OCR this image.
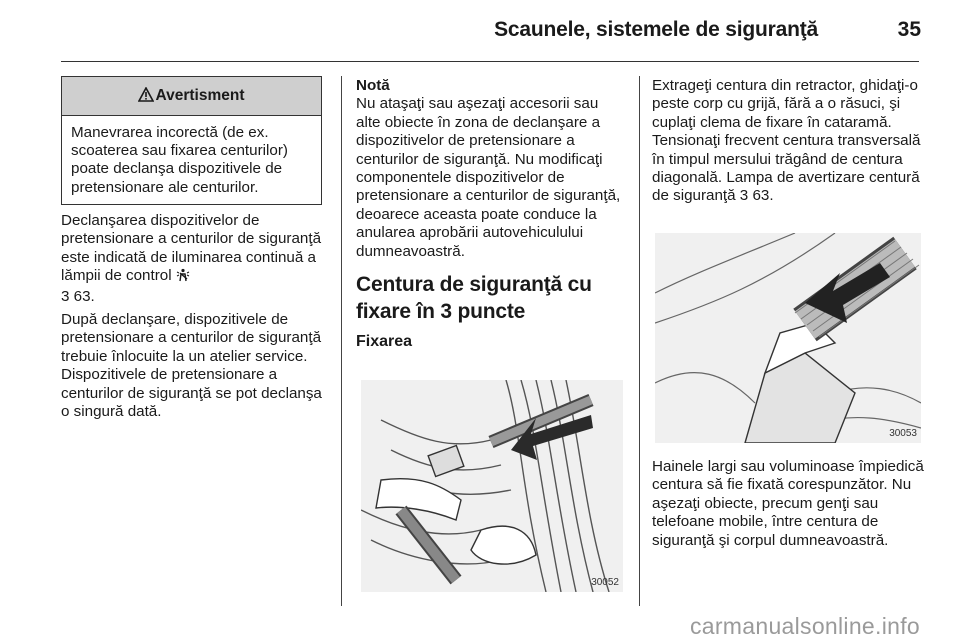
Scaunele, sistemele de siguranţă	35
Avertisment
Manevrarea incorectă (de ex. scoaterea sau fixarea centurilor) poate declanşa dispozitivele de pretensionare ale centurilor.

Declanşarea dispozitivelor de pretensionare a centurilor de siguranţă este indicată de iluminarea continuă a lămpii de control
3 63.

După declanşare, dispozitivele de pretensionare a centurilor de siguranţă trebuie înlocuite la un atelier service. Dispozitivele de pretensionare a centurilor de siguranţă se pot declanşa o singură dată.

Notă

Nu ataşaţi sau aşezaţi accesorii sau alte obiecte în zona de declanşare a dispozitivelor de pretensionare a centurilor de siguranţă. Nu modificaţi componentele dispozitivelor de pretensionare a centurilor de siguranţă, deoarece aceasta poate conduce la anularea aprobării autovehiculului dumneavoastră.

Centura de siguranţă cu fixare în 3 puncte
Fixarea
30052

Extrageţi centura din retractor, ghidaţi-o peste corp cu grijă, fără a o răsuci, şi cuplaţi clema de fixare în cataramă. Tensionaţi frecvent centura transversală în timpul mersului trăgând de centura diagonală. Lampa de avertizare centură de siguranţă 3 63.

30053
Hainele largi sau voluminoase împiedică centura să fie fixată corespunzător. Nu aşezaţi obiecte, precum genţi sau telefoane mobile, între centura de siguranţă şi corpul dumneavoastră.
carmanualsonline.info
